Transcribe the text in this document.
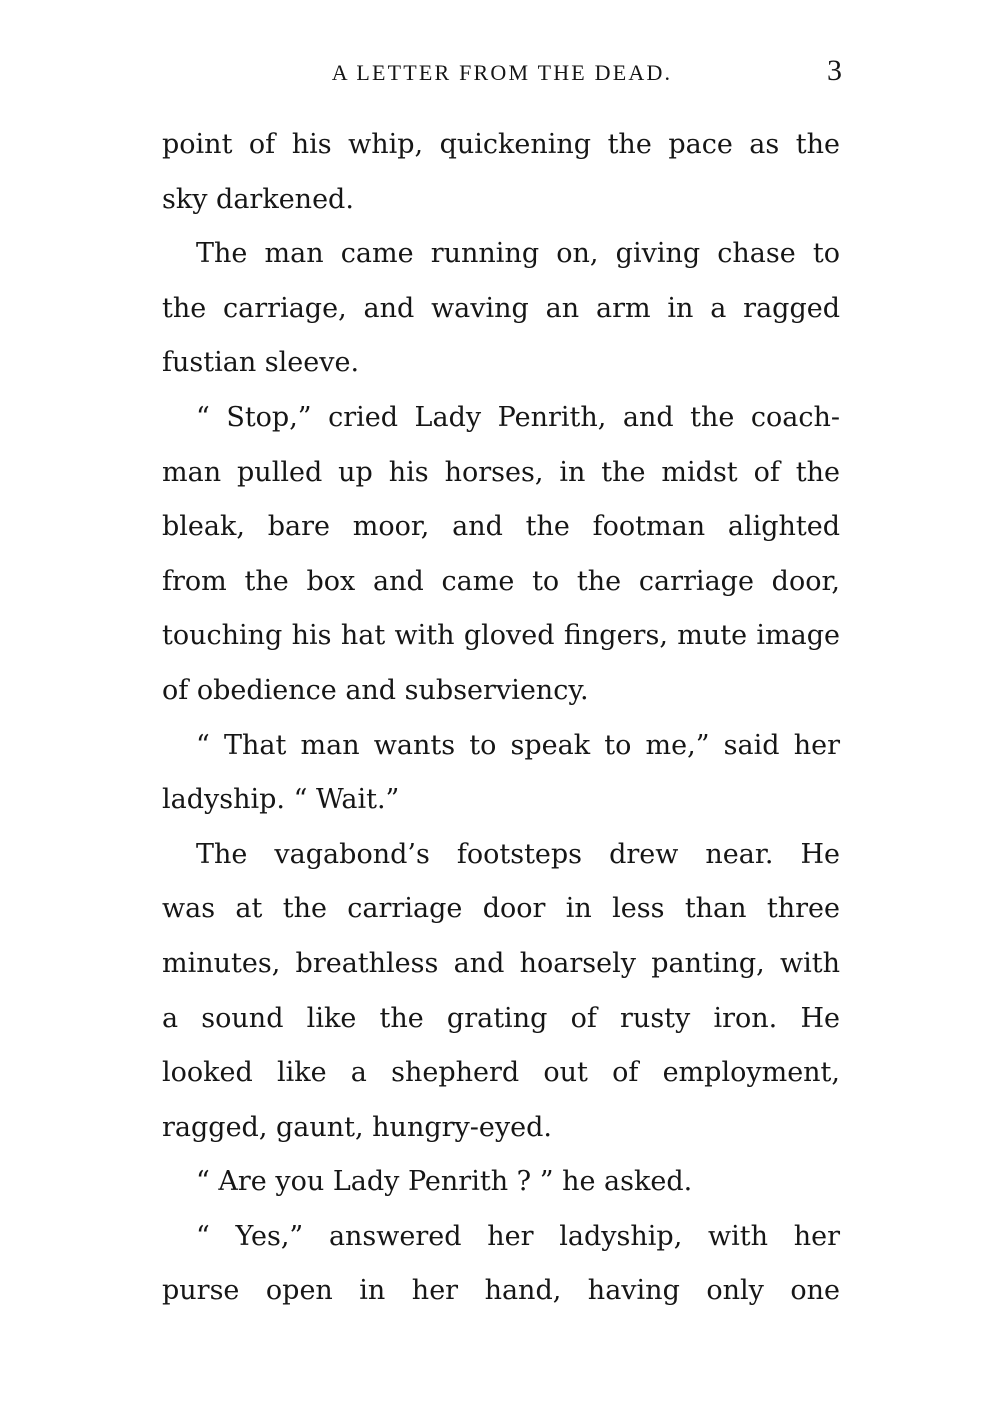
A LETTER FROM THE DEAD.	3
point of his whip, quickening the pace as the
sky darkened.
The man came running on, giving chase to
the carriage, and waving an arm in a ragged
fustian sleeve.
“ Stop,” cried Lady Penrith, and the coach-
man pulled up his horses, in the midst of the
bleak, bare moor, and the footman alighted
from the box and came to the carriage door,
touching his hat with gloved fingers, mute image
of obedience and subserviency.
“ That man wants to speak to me,” said her
ladyship. “ Wait.”
The vagabond’s footsteps drew near. He
was at the carriage door in less than three
minutes, breathless and hoarsely panting, with
a sound like the grating of rusty iron. He
looked like a shepherd out of employment,
ragged, gaunt, hungry-eyed.
“ Are you Lady Penrith ? ” he asked.
“ Yes,” answered her ladyship, with her
purse open in her hand, having only one
